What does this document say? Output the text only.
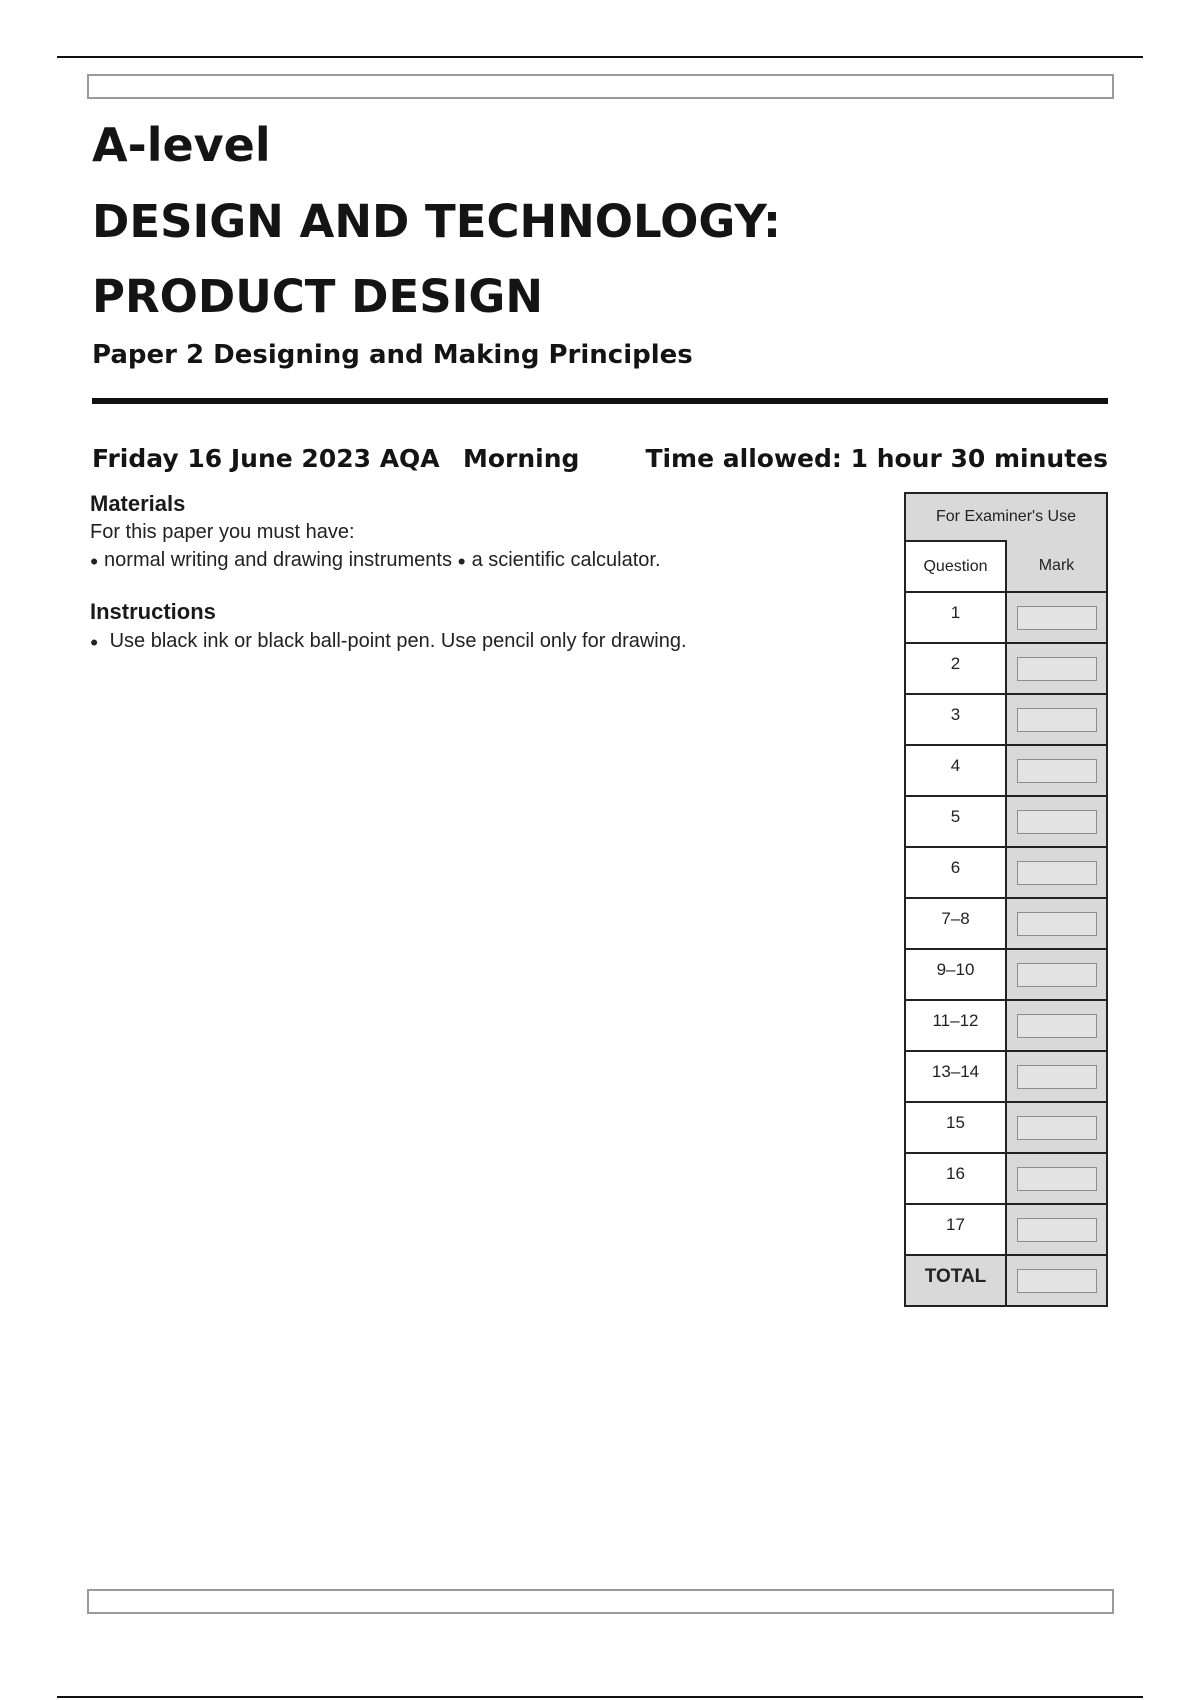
A-level
DESIGN AND TECHNOLOGY:
PRODUCT DESIGN
Paper 2 Designing and Making Principles
Friday 16 June 2023 AQA Morning	Time allowed: 1 hour 30 minutes
Materials
For this paper you must have:
● normal writing and drawing instruments ● a scientific calculator.
Instructions
● Use black ink or black ball-point pen. Use pencil only for drawing.
For Examiner's Use
Question	Mark
1
2
3
4
5
6
7–8
9–10
11–12
13–14
15
16
17
TOTAL
